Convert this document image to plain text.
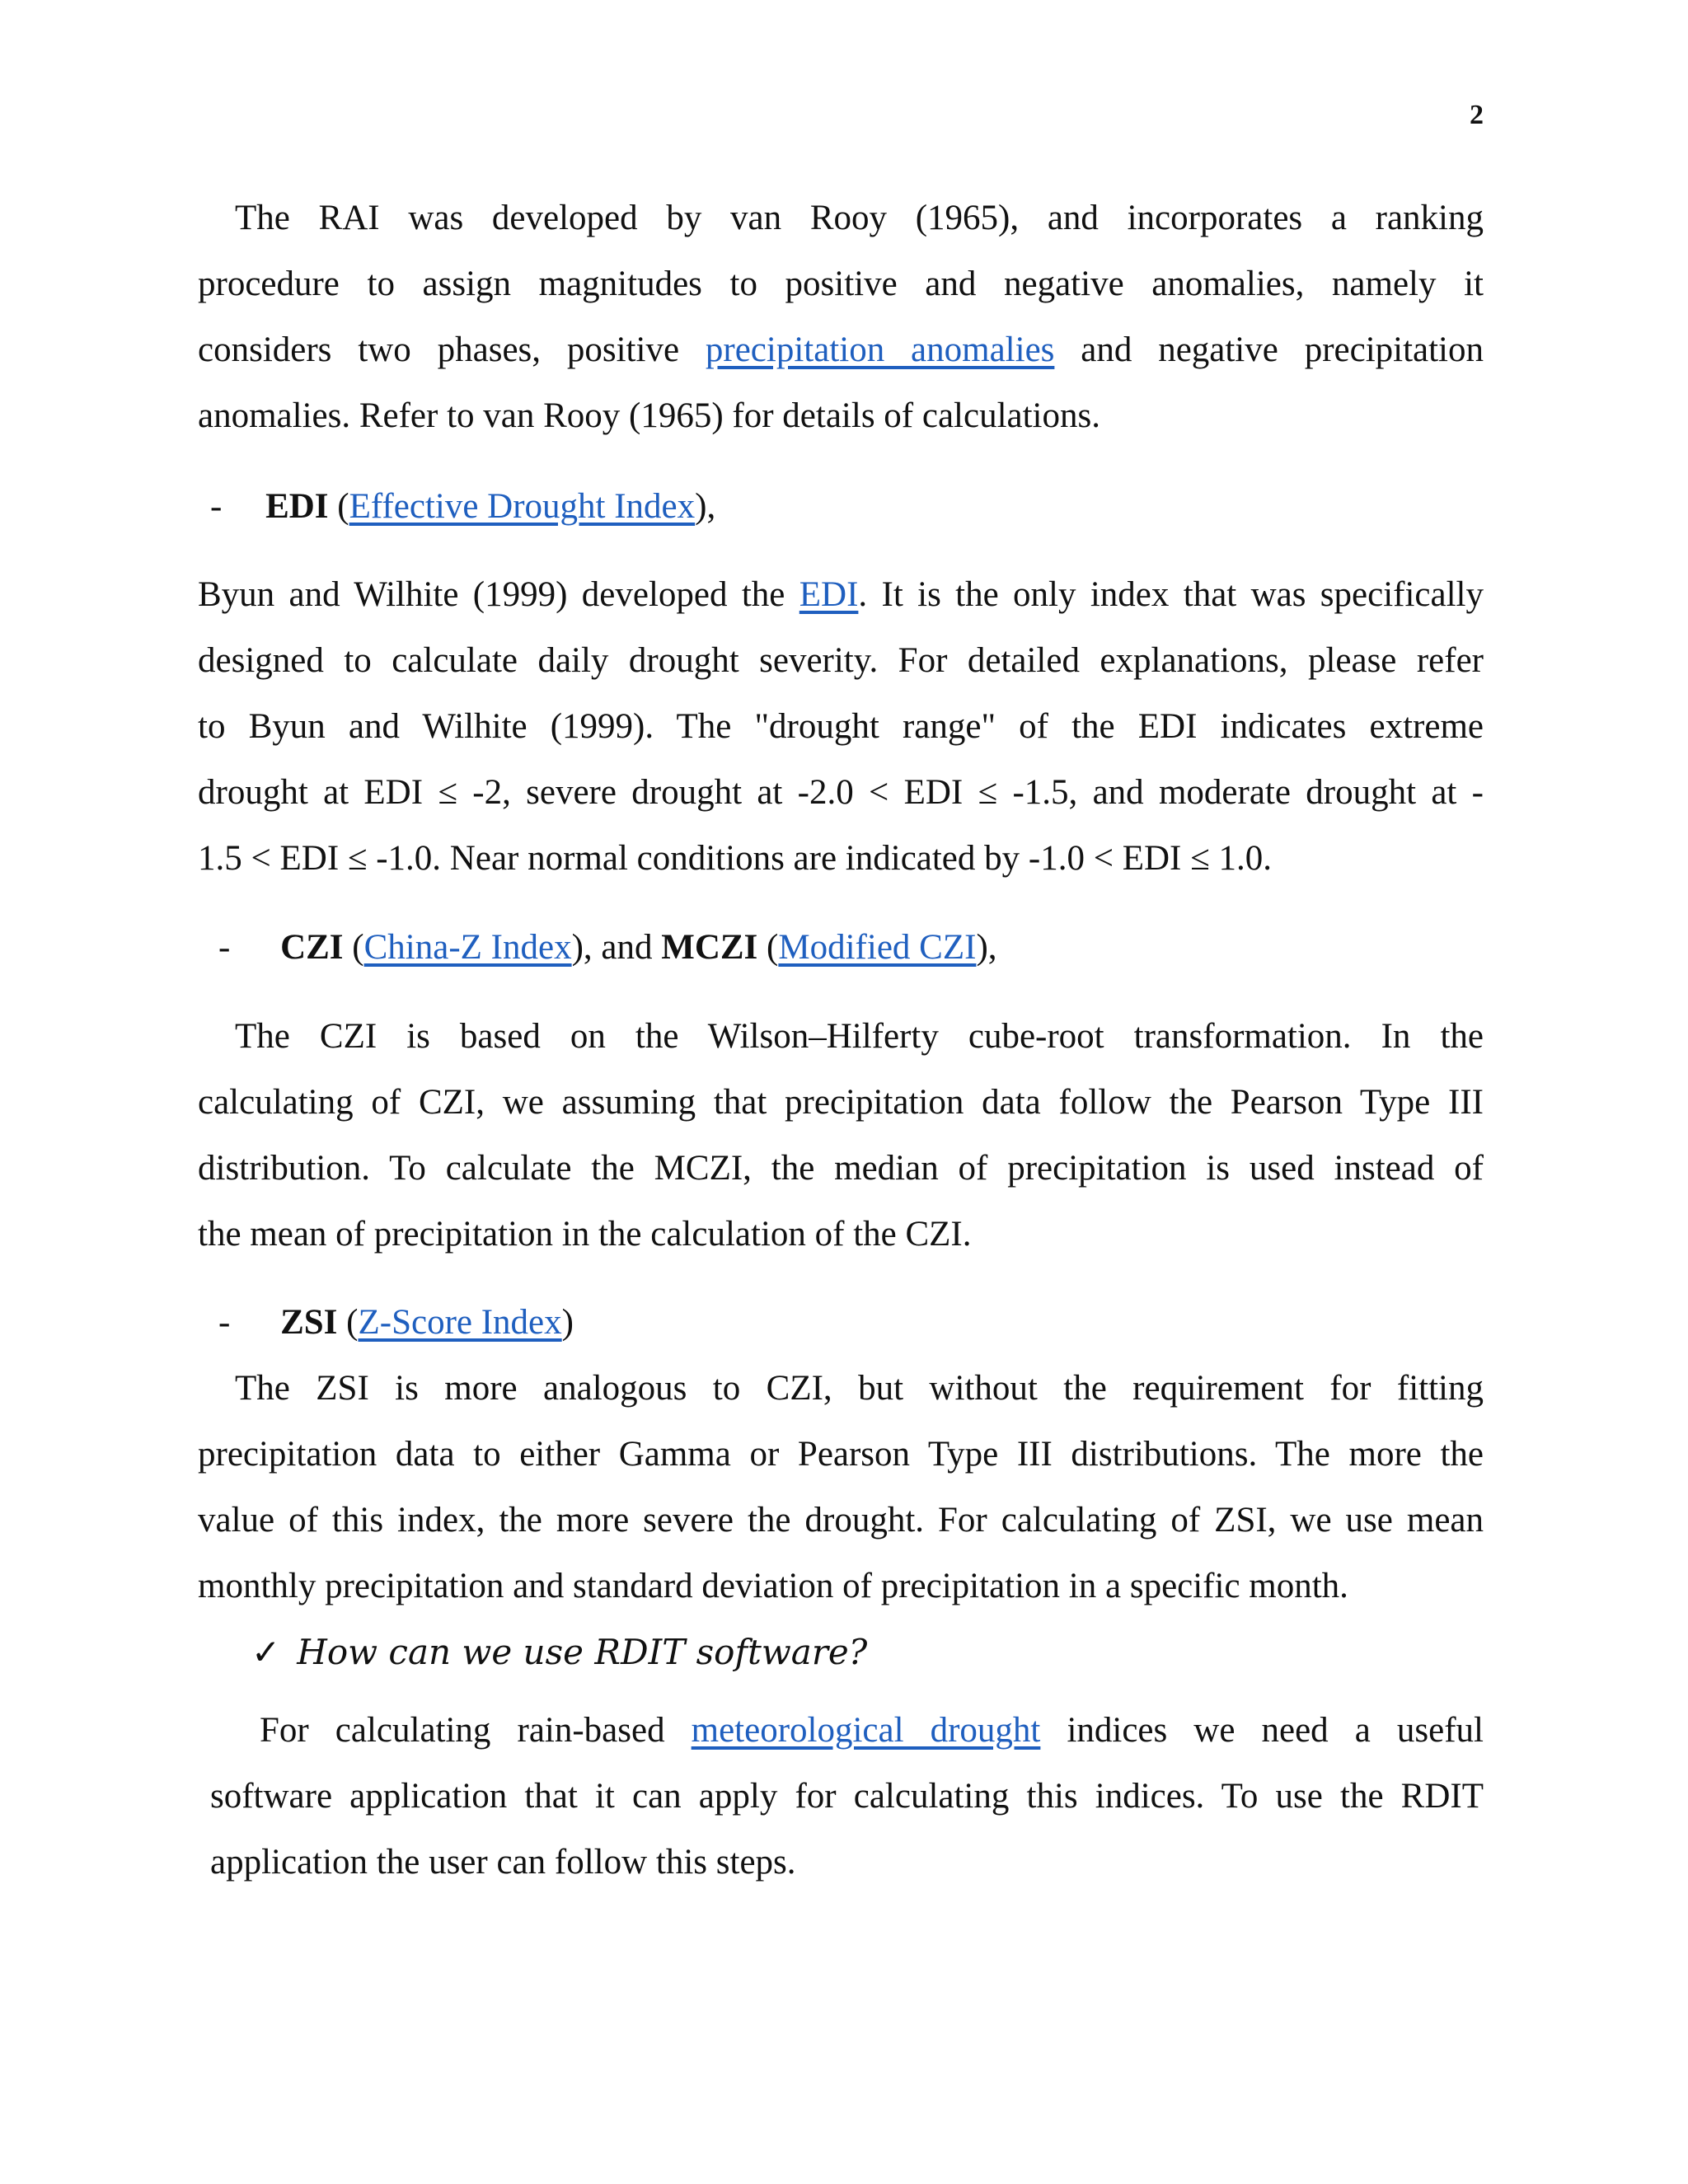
2
The RAI was developed by van Rooy (1965), and incorporates a ranking
procedure to assign magnitudes to positive and negative anomalies, namely it
considers two phases, positive precipitation anomalies and negative precipitation
anomalies. Refer to van Rooy (1965) for details of calculations.
- EDI (Effective Drought Index),
Byun and Wilhite (1999) developed the EDI. It is the only index that was specifically
designed to calculate daily drought severity. For detailed explanations, please refer
to Byun and Wilhite (1999). The "drought range" of the EDI indicates extreme
drought at EDI ≤ -2, severe drought at -2.0 < EDI ≤ -1.5, and moderate drought at -
1.5 < EDI ≤ -1.0. Near normal conditions are indicated by -1.0 < EDI ≤ 1.0.
- CZI (China-Z Index), and MCZI (Modified CZI),
The CZI is based on the Wilson–Hilferty cube-root transformation. In the
calculating of CZI, we assuming that precipitation data follow the Pearson Type III
distribution. To calculate the MCZI, the median of precipitation is used instead of
the mean of precipitation in the calculation of the CZI.
- ZSI (Z-Score Index)
The ZSI is more analogous to CZI, but without the requirement for fitting
precipitation data to either Gamma or Pearson Type III distributions. The more the
value of this index, the more severe the drought. For calculating of ZSI, we use mean
monthly precipitation and standard deviation of precipitation in a specific month.
✓ How can we use RDIT software?
For calculating rain-based meteorological drought indices we need a useful
software application that it can apply for calculating this indices. To use the RDIT
application the user can follow this steps.
